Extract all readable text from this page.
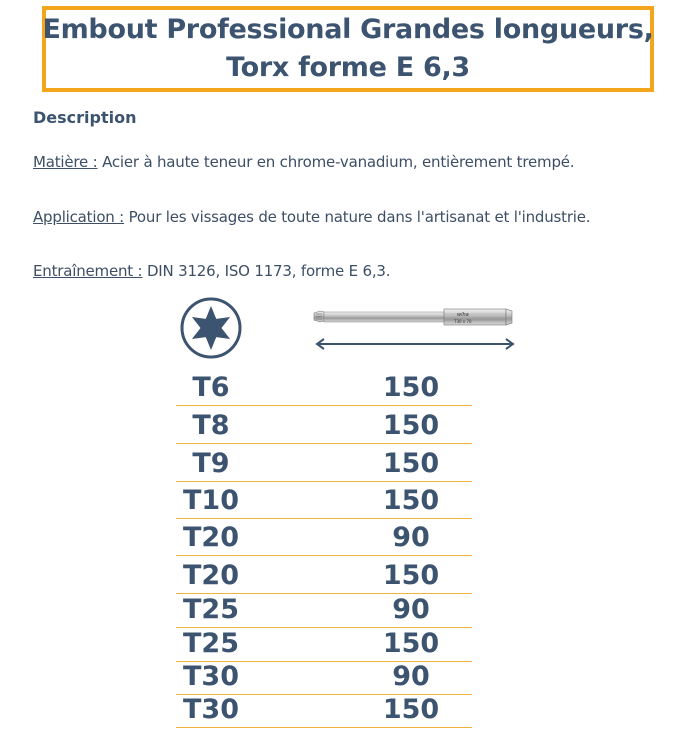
Embout Professional Grandes longueurs,
Torx forme E 6,3
Description
Matière : Acier à haute teneur en chrome-vanadium, entièrement trempé.
Application : Pour les vissages de toute nature dans l'artisanat et l'industrie.
Entraînement : DIN 3126, ISO 1173, forme E 6,3.
wiha
T30 x 70
T6	150
T8	150
T9	150
T10	150
T20	90
T20	150
T25	90
T25	150
T30	90
T30	150
